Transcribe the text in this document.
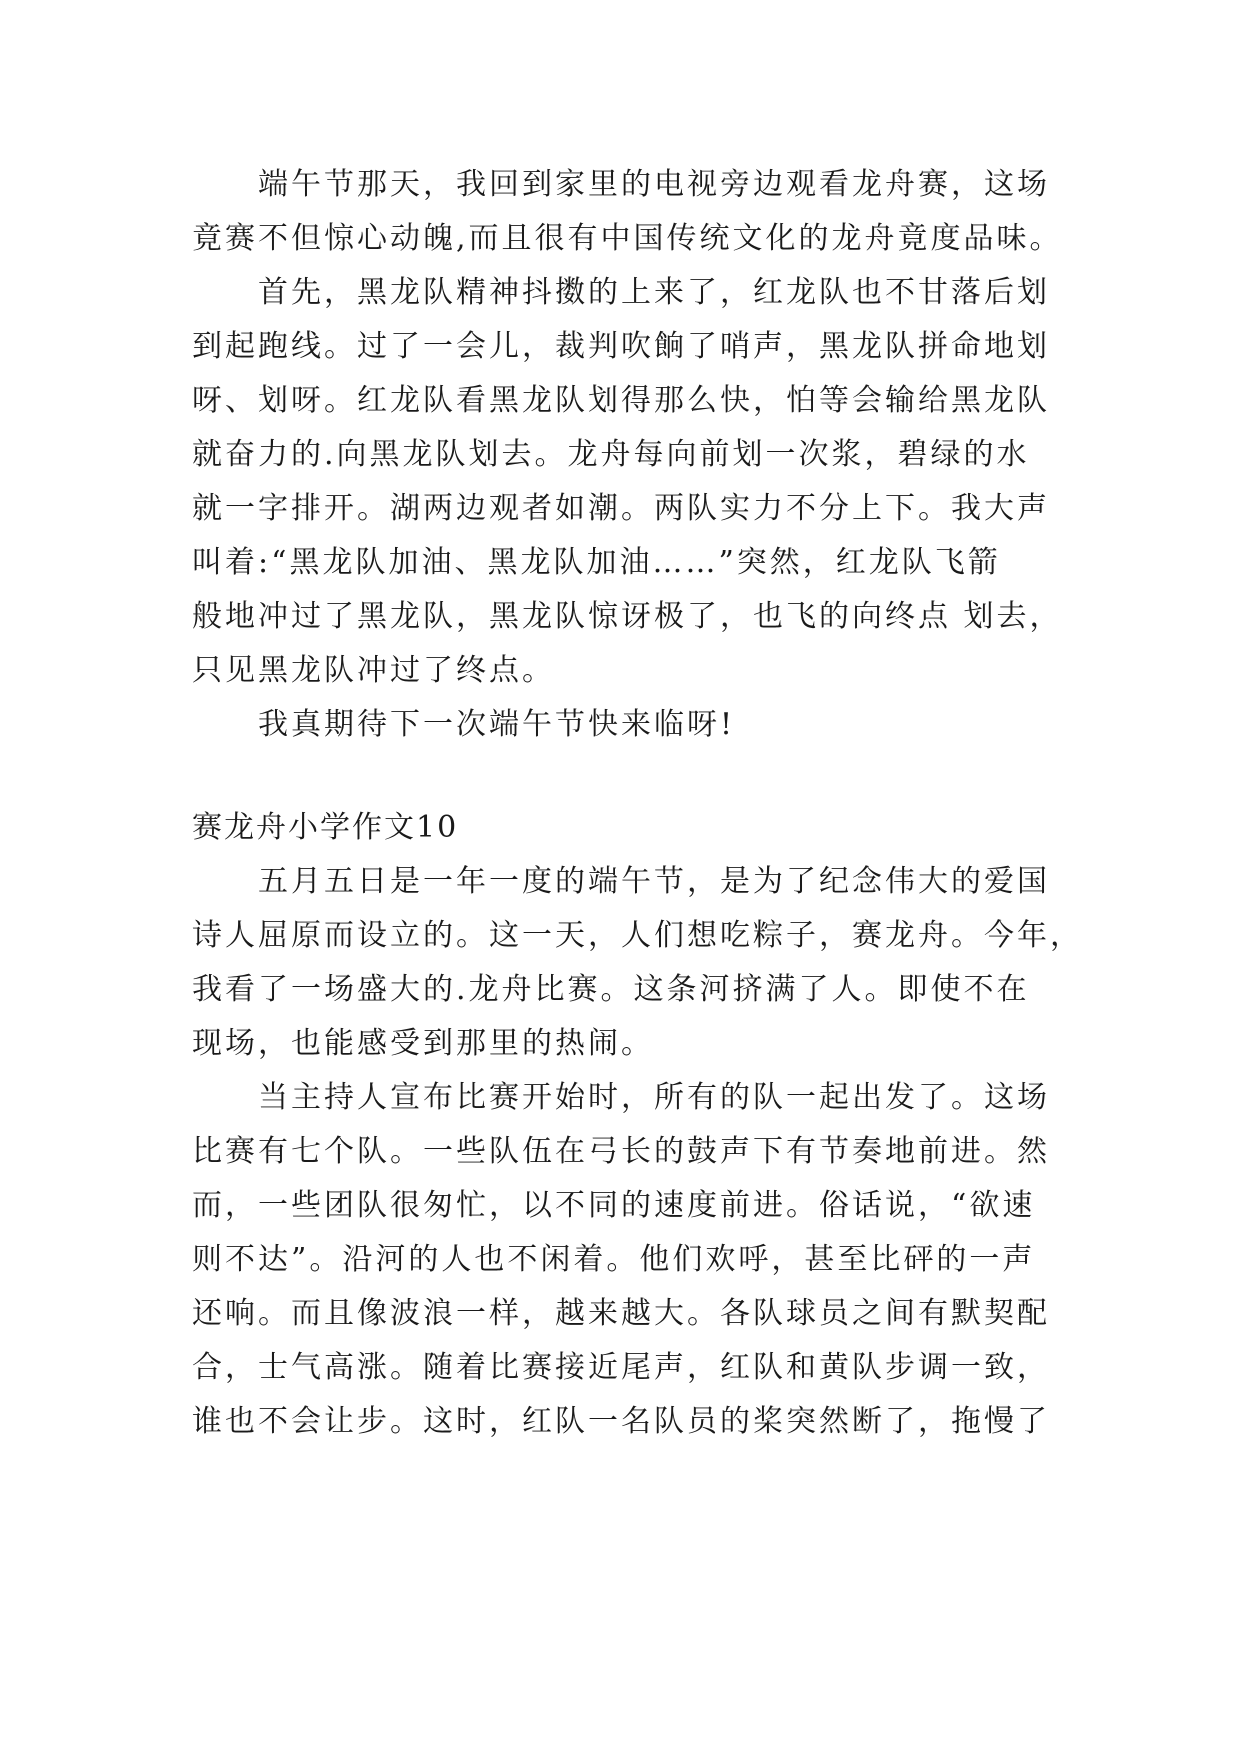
端午节那天，我回到家里的电视旁边观看龙舟赛，这场
竟赛不但惊心动魄,而且很有中国传统文化的龙舟竟度品味。
首先，黑龙队精神抖擞的上来了，红龙队也不甘落后划
到起跑线。过了一会儿，裁判吹餉了哨声，黑龙队拼命地划
呀、划呀。红龙队看黑龙队划得那么快，怕等会输给黑龙队
就奋力的.向黑龙队划去。龙舟每向前划一次浆，碧绿的水
就一字排开。湖两边观者如潮。两队实力不分上下。我大声
叫着:“黑龙队加油、黑龙队加油……”突然，红龙队飞箭
般地冲过了黑龙队，黑龙队惊讶极了，也飞的向终点 划去，
只见黑龙队冲过了终点。
我真期待下一次端午节快来临呀!
赛龙舟小学作文10
五月五日是一年一度的端午节，是为了纪念伟大的爱国
诗人屈原而设立的。这一天，人们想吃粽子，赛龙舟。今年，
我看了一场盛大的.龙舟比赛。这条河挤满了人。即使不在
现场，也能感受到那里的热闹。
当主持人宣布比赛开始时，所有的队一起出发了。这场
比赛有七个队。一些队伍在弓长的鼓声下有节奏地前进。然
而，一些团队很匆忙，以不同的速度前进。俗话说，“欲速
则不达”。沿河的人也不闲着。他们欢呼，甚至比砰的一声
还响。而且像波浪一样，越来越大。各队球员之间有默契配
合，士气高涨。随着比赛接近尾声，红队和黄队步调一致，
谁也不会让步。这时，红队一名队员的桨突然断了，拖慢了
